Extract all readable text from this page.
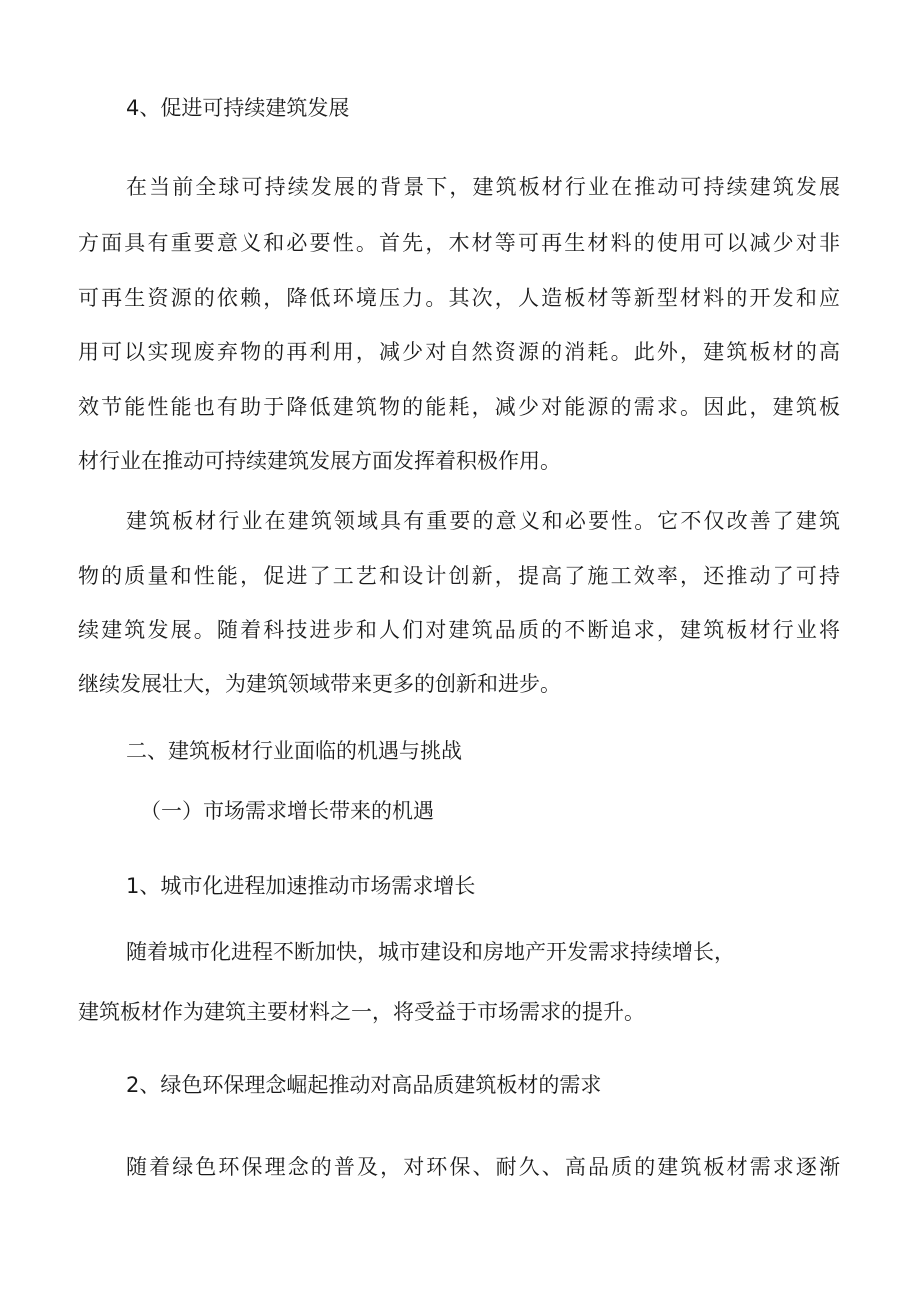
4、促进可持续建筑发展
在当前全球可持续发展的背景下，建筑板材行业在推动可持续建筑发展
方面具有重要意义和必要性。首先，木材等可再生材料的使用可以减少对非
可再生资源的依赖，降低环境压力。其次，人造板材等新型材料的开发和应
用可以实现废弃物的再利用，减少对自然资源的消耗。此外，建筑板材的高
效节能性能也有助于降低建筑物的能耗，减少对能源的需求。因此，建筑板
材行业在推动可持续建筑发展方面发挥着积极作用。
建筑板材行业在建筑领域具有重要的意义和必要性。它不仅改善了建筑
物的质量和性能，促进了工艺和设计创新，提高了施工效率，还推动了可持
续建筑发展。随着科技进步和人们对建筑品质的不断追求，建筑板材行业将
继续发展壮大，为建筑领域带来更多的创新和进步。
二、建筑板材行业面临的机遇与挑战
（一）市场需求增长带来的机遇
1、城市化进程加速推动市场需求增长
随着城市化进程不断加快，城市建设和房地产开发需求持续增长，
建筑板材作为建筑主要材料之一，将受益于市场需求的提升。
2、绿色环保理念崛起推动对高品质建筑板材的需求
随着绿色环保理念的普及，对环保、耐久、高品质的建筑板材需求逐渐
